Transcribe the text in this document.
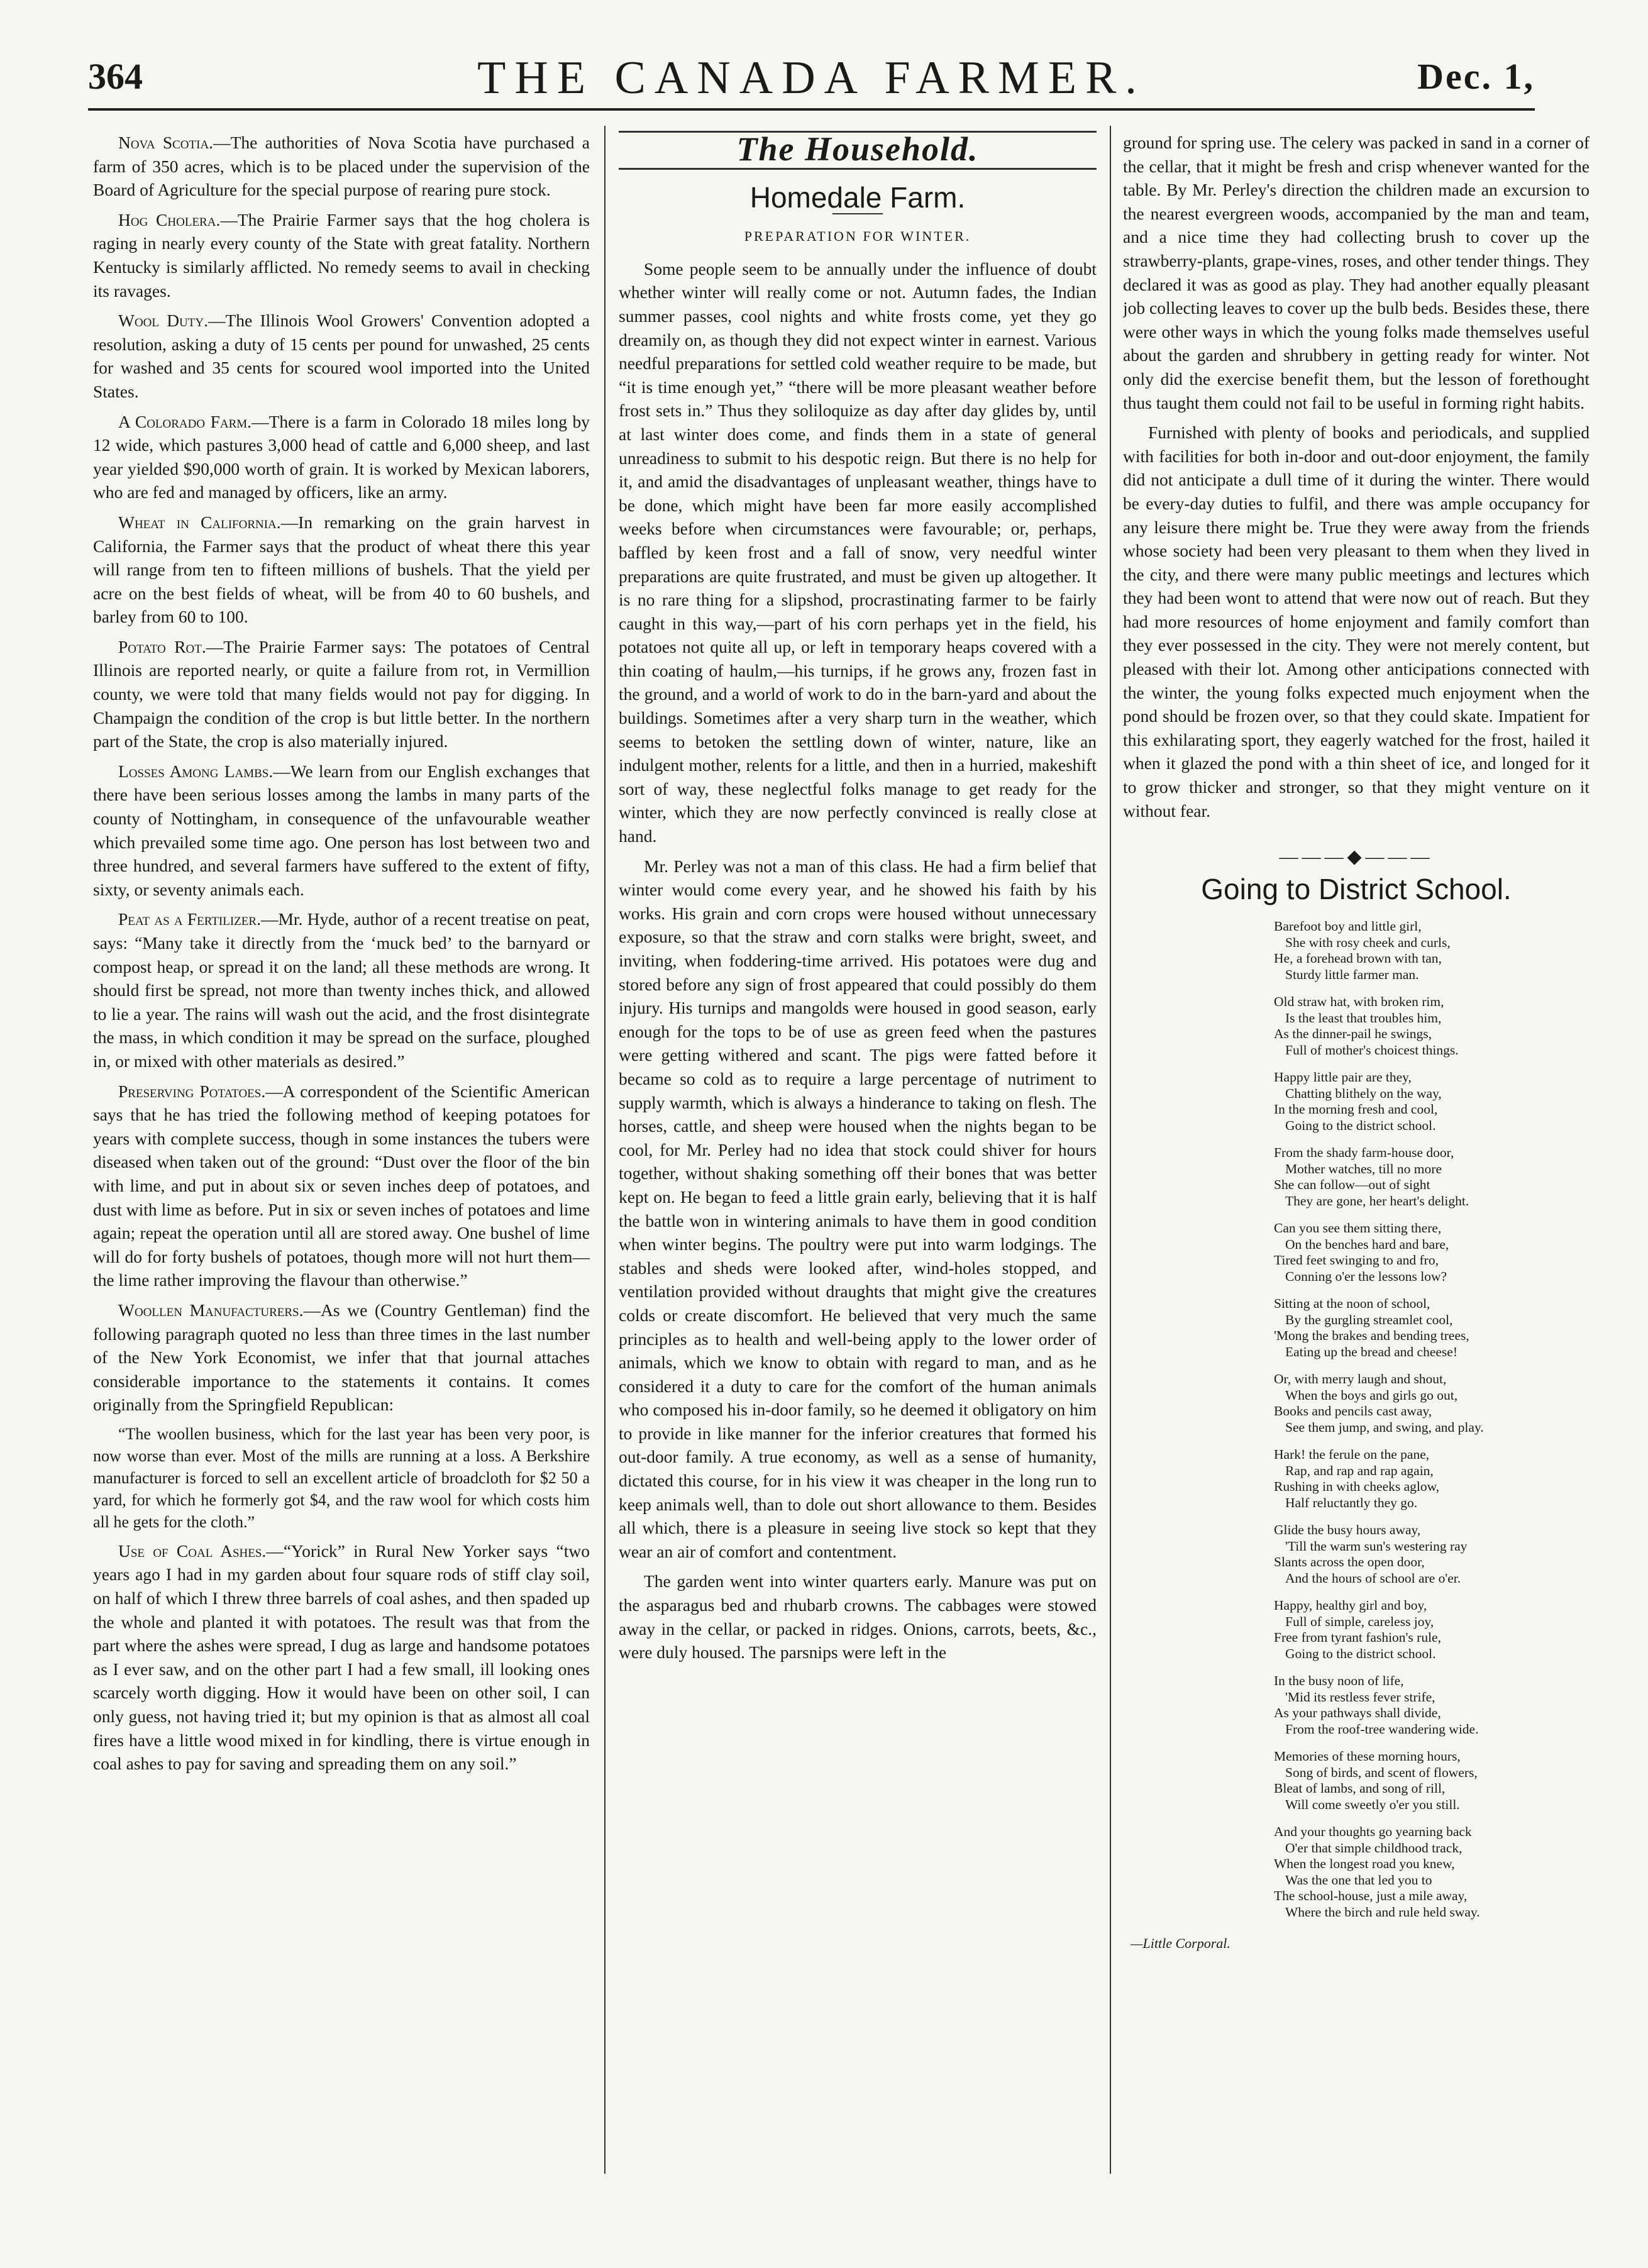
364	THE CANADA FARMER.	Dec. 1,

Nova Scotia.—The authorities of Nova Scotia have purchased a farm of 350 acres, which is to be placed under the supervision of the Board of Agriculture for the special purpose of rearing pure stock.

Hog Cholera.—The Prairie Farmer says that the hog cholera is raging in nearly every county of the State with great fatality. Northern Kentucky is similarly afflicted. No remedy seems to avail in checking its ravages.

Wool Duty.—The Illinois Wool Growers' Convention adopted a resolution, asking a duty of 15 cents per pound for unwashed, 25 cents for washed and 35 cents for scoured wool imported into the United States.

A Colorado Farm.—There is a farm in Colorado 18 miles long by 12 wide, which pastures 3,000 head of cattle and 6,000 sheep, and last year yielded $90,000 worth of grain. It is worked by Mexican laborers, who are fed and managed by officers, like an army.

Wheat in California.—In remarking on the grain harvest in California, the Farmer says that the product of wheat there this year will range from ten to fifteen millions of bushels. That the yield per acre on the best fields of wheat, will be from 40 to 60 bushels, and barley from 60 to 100.

Potato Rot.—The Prairie Farmer says: The potatoes of Central Illinois are reported nearly, or quite a failure from rot, in Vermillion county, we were told that many fields would not pay for digging. In Champaign the condition of the crop is but little better. In the northern part of the State, the crop is also materially injured.

Losses Among Lambs.—We learn from our English exchanges that there have been serious losses among the lambs in many parts of the county of Nottingham, in consequence of the unfavourable weather which prevailed some time ago. One person has lost between two and three hundred, and several farmers have suffered to the extent of fifty, sixty, or seventy animals each.

Peat as a Fertilizer.—Mr. Hyde, author of a recent treatise on peat, says: “Many take it directly from the ‘muck bed’ to the barnyard or compost heap, or spread it on the land; all these methods are wrong. It should first be spread, not more than twenty inches thick, and allowed to lie a year. The rains will wash out the acid, and the frost disintegrate the mass, in which condition it may be spread on the surface, ploughed in, or mixed with other materials as desired.”

Preserving Potatoes.—A correspondent of the Scientific American says that he has tried the following method of keeping potatoes for years with complete success, though in some instances the tubers were diseased when taken out of the ground: “Dust over the floor of the bin with lime, and put in about six or seven inches deep of potatoes, and dust with lime as before. Put in six or seven inches of potatoes and lime again; repeat the operation until all are stored away. One bushel of lime will do for forty bushels of potatoes, though more will not hurt them—the lime rather improving the flavour than otherwise.”

Woollen Manufacturers.—As we (Country Gentleman) find the following paragraph quoted no less than three times in the last number of the New York Economist, we infer that that journal attaches considerable importance to the statements it contains. It comes originally from the Springfield Republican:

“The woollen business, which for the last year has been very poor, is now worse than ever. Most of the mills are running at a loss. A Berkshire manufacturer is forced to sell an excellent article of broadcloth for $2 50 a yard, for which he formerly got $4, and the raw wool for which costs him all he gets for the cloth.”

Use of Coal Ashes.—“Yorick” in Rural New Yorker says “two years ago I had in my garden about four square rods of stiff clay soil, on half of which I threw three barrels of coal ashes, and then spaded up the whole and planted it with potatoes. The result was that from the part where the ashes were spread, I dug as large and handsome potatoes as I ever saw, and on the other part I had a few small, ill looking ones scarcely worth digging. How it would have been on other soil, I can only guess, not having tried it; but my opinion is that as almost all coal fires have a little wood mixed in for kindling, there is virtue enough in coal ashes to pay for saving and spreading them on any soil.”

The Household.
Homedale Farm.
PREPARATION FOR WINTER.

Some people seem to be annually under the influence of doubt whether winter will really come or not. Autumn fades, the Indian summer passes, cool nights and white frosts come, yet they go dreamily on, as though they did not expect winter in earnest. Various needful preparations for settled cold weather require to be made, but “it is time enough yet,” “there will be more pleasant weather before frost sets in.” Thus they soliloquize as day after day glides by, until at last winter does come, and finds them in a state of general unreadiness to submit to his despotic reign. But there is no help for it, and amid the disadvantages of unpleasant weather, things have to be done, which might have been far more easily accomplished weeks before when circumstances were favourable; or, perhaps, baffled by keen frost and a fall of snow, very needful winter preparations are quite frustrated, and must be given up altogether. It is no rare thing for a slipshod, procrastinating farmer to be fairly caught in this way,—part of his corn perhaps yet in the field, his potatoes not quite all up, or left in temporary heaps covered with a thin coating of haulm,—his turnips, if he grows any, frozen fast in the ground, and a world of work to do in the barn-yard and about the buildings. Sometimes after a very sharp turn in the weather, which seems to betoken the settling down of winter, nature, like an indulgent mother, relents for a little, and then in a hurried, makeshift sort of way, these neglectful folks manage to get ready for the winter, which they are now perfectly convinced is really close at hand.

Mr. Perley was not a man of this class. He had a firm belief that winter would come every year, and he showed his faith by his works. His grain and corn crops were housed without unnecessary exposure, so that the straw and corn stalks were bright, sweet, and inviting, when foddering-time arrived. His potatoes were dug and stored before any sign of frost appeared that could possibly do them injury. His turnips and mangolds were housed in good season, early enough for the tops to be of use as green feed when the pastures were getting withered and scant. The pigs were fatted before it became so cold as to require a large percentage of nutriment to supply warmth, which is always a hinderance to taking on flesh. The horses, cattle, and sheep were housed when the nights began to be cool, for Mr. Perley had no idea that stock could shiver for hours together, without shaking something off their bones that was better kept on. He began to feed a little grain early, believing that it is half the battle won in wintering animals to have them in good condition when winter begins. The poultry were put into warm lodgings. The stables and sheds were looked after, wind-holes stopped, and ventilation provided without draughts that might give the creatures colds or create discomfort. He believed that very much the same principles as to health and well-being apply to the lower order of animals, which we know to obtain with regard to man, and as he considered it a duty to care for the comfort of the human animals who composed his in-door family, so he deemed it obligatory on him to provide in like manner for the inferior creatures that formed his out-door family. A true economy, as well as a sense of humanity, dictated this course, for in his view it was cheaper in the long run to keep animals well, than to dole out short allowance to them. Besides all which, there is a pleasure in seeing live stock so kept that they wear an air of comfort and contentment.

The garden went into winter quarters early. Manure was put on the asparagus bed and rhubarb crowns. The cabbages were stowed away in the cellar, or packed in ridges. Onions, carrots, beets, &c., were duly housed. The parsnips were left in the

ground for spring use. The celery was packed in sand in a corner of the cellar, that it might be fresh and crisp whenever wanted for the table. By Mr. Perley's direction the children made an excursion to the nearest evergreen woods, accompanied by the man and team, and a nice time they had collecting brush to cover up the strawberry-plants, grape-vines, roses, and other tender things. They declared it was as good as play. They had another equally pleasant job collecting leaves to cover up the bulb beds. Besides these, there were other ways in which the young folks made themselves useful about the garden and shrubbery in getting ready for winter. Not only did the exercise benefit them, but the lesson of forethought thus taught them could not fail to be useful in forming right habits.

Furnished with plenty of books and periodicals, and supplied with facilities for both in-door and out-door enjoyment, the family did not anticipate a dull time of it during the winter. There would be every-day duties to fulfil, and there was ample occupancy for any leisure there might be. True they were away from the friends whose society had been very pleasant to them when they lived in the city, and there were many public meetings and lectures which they had been wont to attend that were now out of reach. But they had more resources of home enjoyment and family comfort than they ever possessed in the city. They were not merely content, but pleased with their lot. Among other anticipations connected with the winter, the young folks expected much enjoyment when the pond should be frozen over, so that they could skate. Impatient for this exhilarating sport, they eagerly watched for the frost, hailed it when it glazed the pond with a thin sheet of ice, and longed for it to grow thicker and stronger, so that they might venture on it without fear.

———◆———
Going to District School.
Barefoot boy and little girl,
She with rosy cheek and curls,
He, a forehead brown with tan,
Sturdy little farmer man.
Old straw hat, with broken rim,
Is the least that troubles him,
As the dinner-pail he swings,
Full of mother's choicest things.
Happy little pair are they,
Chatting blithely on the way,
In the morning fresh and cool,
Going to the district school.
From the shady farm-house door,
Mother watches, till no more
She can follow—out of sight
They are gone, her heart's delight.
Can you see them sitting there,
On the benches hard and bare,
Tired feet swinging to and fro,
Conning o'er the lessons low?
Sitting at the noon of school,
By the gurgling streamlet cool,
'Mong the brakes and bending trees,
Eating up the bread and cheese!
Or, with merry laugh and shout,
When the boys and girls go out,
Books and pencils cast away,
See them jump, and swing, and play.
Hark! the ferule on the pane,
Rap, and rap and rap again,
Rushing in with cheeks aglow,
Half reluctantly they go.
Glide the busy hours away,
'Till the warm sun's westering ray
Slants across the open door,
And the hours of school are o'er.
Happy, healthy girl and boy,
Full of simple, careless joy,
Free from tyrant fashion's rule,
Going to the district school.
In the busy noon of life,
'Mid its restless fever strife,
As your pathways shall divide,
From the roof-tree wandering wide.
Memories of these morning hours,
Song of birds, and scent of flowers,
Bleat of lambs, and song of rill,
Will come sweetly o'er you still.
And your thoughts go yearning back
O'er that simple childhood track,
When the longest road you knew,
Was the one that led you to
The school-house, just a mile away,
Where the birch and rule held sway.
—Little Corporal.
